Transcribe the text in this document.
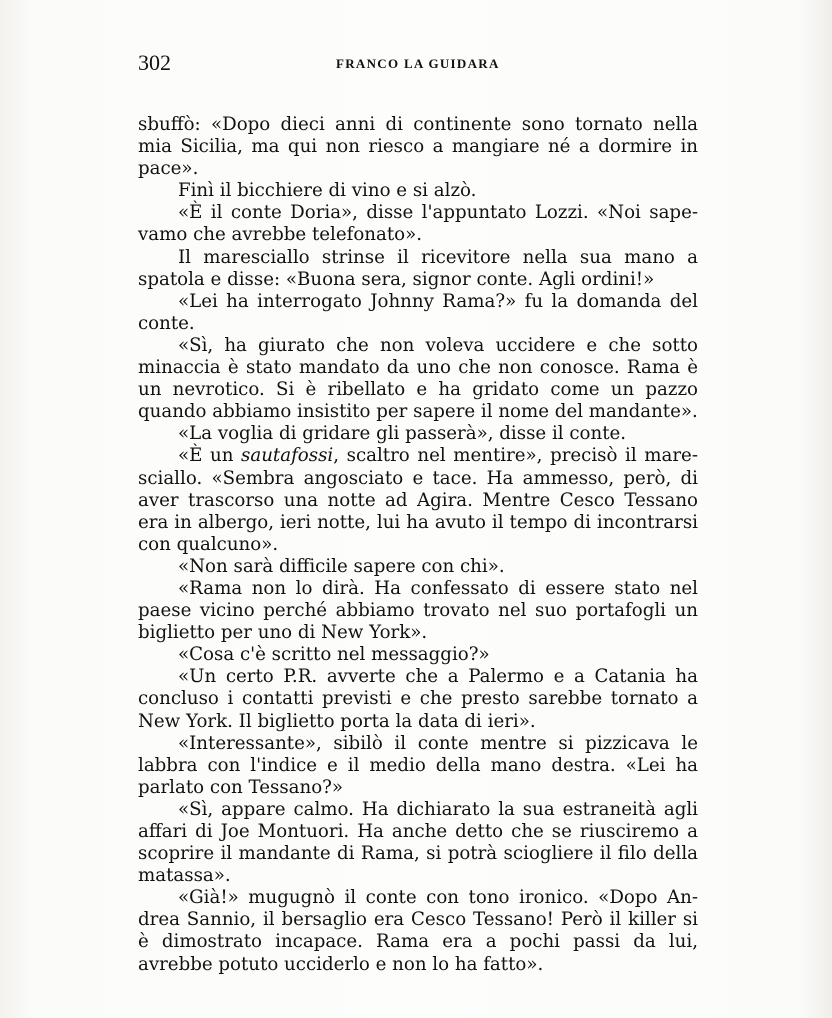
302	FRANCO LA GUIDARA

sbuffò: «Dopo dieci anni di continente sono tornato nella mia Sicilia, ma qui non riesco a mangiare né a dormire in pace».

Finì il bicchiere di vino e si alzò.

«È il conte Doria», disse l'appuntato Lozzi. «Noi sapevamo che avrebbe telefonato».

Il maresciallo strinse il ricevitore nella sua mano a spatola e disse: «Buona sera, signor conte. Agli ordini!»

«Lei ha interrogato Johnny Rama?» fu la domanda del conte.

«Sì, ha giurato che non voleva uccidere e che sotto minaccia è stato mandato da uno che non conosce. Rama è un nevrotico. Si è ribellato e ha gridato come un pazzo quando abbiamo insistito per sapere il nome del mandante».

«La voglia di gridare gli passerà», disse il conte.

«È un sautafossi, scaltro nel mentire», precisò il maresciallo. «Sembra angosciato e tace. Ha ammesso, però, di aver trascorso una notte ad Agira. Mentre Cesco Tessano era in albergo, ieri notte, lui ha avuto il tempo di incontrarsi con qualcuno».

«Non sarà difficile sapere con chi».

«Rama non lo dirà. Ha confessato di essere stato nel paese vicino perché abbiamo trovato nel suo portafogli un biglietto per uno di New York».

«Cosa c'è scritto nel messaggio?»

«Un certo P.R. avverte che a Palermo e a Catania ha concluso i contatti previsti e che presto sarebbe tornato a New York. Il biglietto porta la data di ieri».

«Interessante», sibilò il conte mentre si pizzicava le labbra con l'indice e il medio della mano destra. «Lei ha parlato con Tessano?»

«Sì, appare calmo. Ha dichiarato la sua estraneità agli affari di Joe Montuori. Ha anche detto che se riusciremo a scoprire il mandante di Rama, si potrà sciogliere il filo della matassa».

«Già!» mugugnò il conte con tono ironico. «Dopo Andrea Sannio, il bersaglio era Cesco Tessano! Però il killer si è dimostrato incapace. Rama era a pochi passi da lui, avrebbe potuto ucciderlo e non lo ha fatto».
